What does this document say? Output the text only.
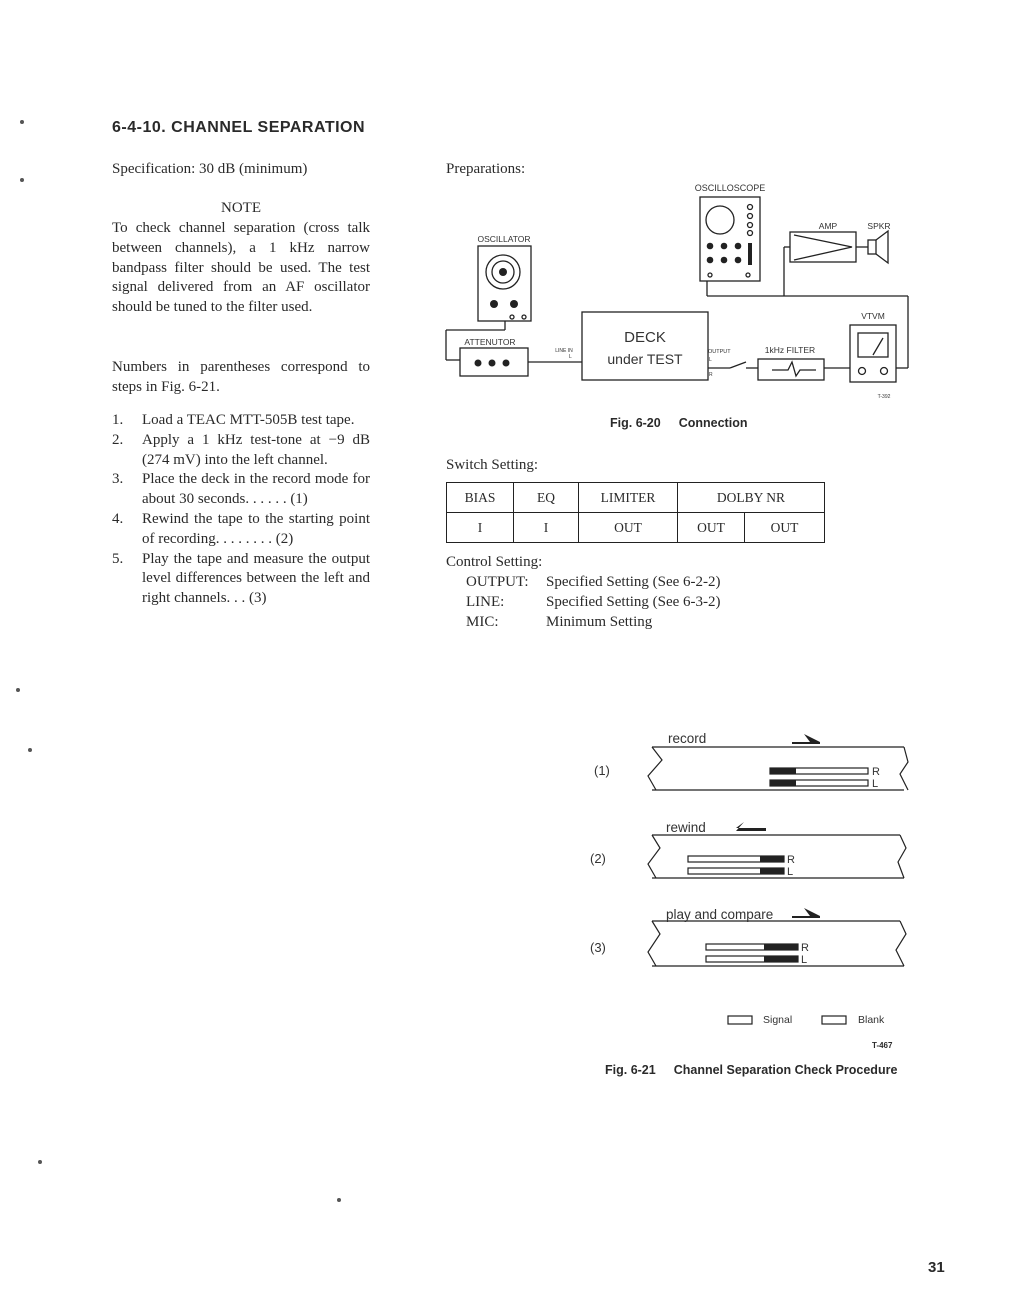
6-4-10. CHANNEL SEPARATION
Specification: 30 dB (minimum)
NOTE
To check channel separation (cross talk between channels), a 1 kHz narrow bandpass filter should be used. The test signal delivered from an AF oscillator should be tuned to the filter used.
Numbers in parentheses correspond to steps in Fig. 6-21.
1. Load a TEAC MTT-505B test tape.
2. Apply a 1 kHz test-tone at −9 dB (274 mV) into the left channel.
3. Place the deck in the record mode for about 30 seconds. . . . . . (1)
4. Rewind the tape to the starting point of recording. . . . . . . . (2)
5. Play the tape and measure the output level differences between the left and right channels. . . (3)
Preparations:
OSCILLOSCOPE
OSCILLATOR
ATTENUTOR	DECK
under TEST
LINE IN
L
OUTPUT
L
R
AMP	SPKR
VTVM
1kHz FILTER
T-392
Fig. 6-20 Connection
Switch Setting:
BIAS	EQ	LIMITER	DOLBY NR	
I	I	OUT	OUT	OUT
Control Setting:
OUTPUT:	Specified Setting (See 6-2-2)
LINE:	Specified Setting (See 6-3-2)
MIC:	Minimum Setting
record
rewind
play and compare
(1)
(2)
(3)
R
L
R
L
R
L
Signal	Blank
T-467
Fig. 6-21 Channel Separation Check Procedure
31
